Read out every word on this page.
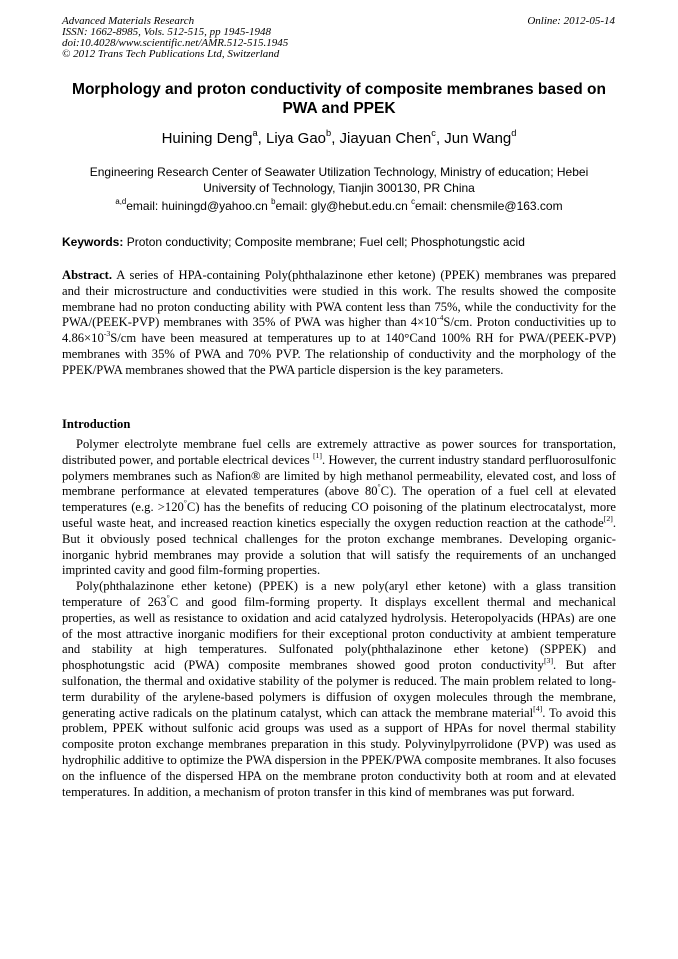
Advanced Materials Research
ISSN: 1662-8985, Vols. 512-515, pp 1945-1948
doi:10.4028/www.scientific.net/AMR.512-515.1945
© 2012 Trans Tech Publications Ltd, Switzerland
Online: 2012-05-14
Morphology and proton conductivity of composite membranes based on PWA and PPEK
Huining Deng$^a$, Liya Gao$^b$, Jiayuan Chen$^c$, Jun Wang$^d$
Engineering Research Center of Seawater Utilization Technology, Ministry of education; Hebei University of Technology, Tianjin 300130, PR China
$^{a,d}$email: huiningd@yahoo.cn $^b$email: gly@hebut.edu.cn $^c$email: chensmile@163.com
Keywords: Proton conductivity; Composite membrane; Fuel cell; Phosphotungstic acid
Abstract. A series of HPA-containing Poly(phthalazinone ether ketone) (PPEK) membranes was prepared and their microstructure and conductivities were studied in this work. The results showed the composite membrane had no proton conducting ability with PWA content less than 75%, while the conductivity for the PWA/(PEEK-PVP) membranes with 35% of PWA was higher than $4\times 10^{-4}S/cm$. Proton conductivities up to $4.86\times 10^{-3}S/cm$ have been measured at temperatures up to at 140°Cand 100% RH for PWA/(PEEK-PVP) membranes with 35% of PWA and 70% PVP. The relationship of conductivity and the morphology of the PPEK/PWA membranes showed that the PWA particle dispersion is the key parameters.
Introduction

Polymer electrolyte membrane fuel cells are extremely attractive as power sources for transportation, distributed power, and portable electrical devices [1]. However, the current industry standard perfluorosulfonic polymers membranes such as Nafion® are limited by high methanol permeability, elevated cost, and loss of membrane performance at elevated temperatures (above 80°C). The operation of a fuel cell at elevated temperatures (e.g. >120°C) has the benefits of reducing CO poisoning of the platinum electrocatalyst, more useful waste heat, and increased reaction kinetics especially the oxygen reduction reaction at the cathode[2]. But it obviously posed technical challenges for the proton exchange membranes. Developing organic-inorganic hybrid membranes may provide a solution that will satisfy the requirements of an unchanged imprinted cavity and good film-forming properties.

Poly(phthalazinone ether ketone) (PPEK) is a new poly(aryl ether ketone) with a glass transition temperature of 263°C and good film-forming property. It displays excellent thermal and mechanical properties, as well as resistance to oxidation and acid catalyzed hydrolysis. Heteropolyacids (HPAs) are one of the most attractive inorganic modifiers for their exceptional proton conductivity at ambient temperature and stability at high temperatures. Sulfonated poly(phthalazinone ether ketone) (SPPEK) and phosphotungstic acid (PWA) composite membranes showed good proton conductivity[3]. But after sulfonation, the thermal and oxidative stability of the polymer is reduced. The main problem related to long-term durability of the arylene-based polymers is diffusion of oxygen molecules through the membrane, generating active radicals on the platinum catalyst, which can attack the membrane material[4]. To avoid this problem, PPEK without sulfonic acid groups was used as a support of HPAs for novel thermal stability composite proton exchange membranes preparation in this study. Polyvinylpyrrolidone (PVP) was used as hydrophilic additive to optimize the PWA dispersion in the PPEK/PWA composite membranes. It also focuses on the influence of the dispersed HPA on the membrane proton conductivity both at room and at elevated temperatures. In addition, a mechanism of proton transfer in this kind of membranes was put forward.
